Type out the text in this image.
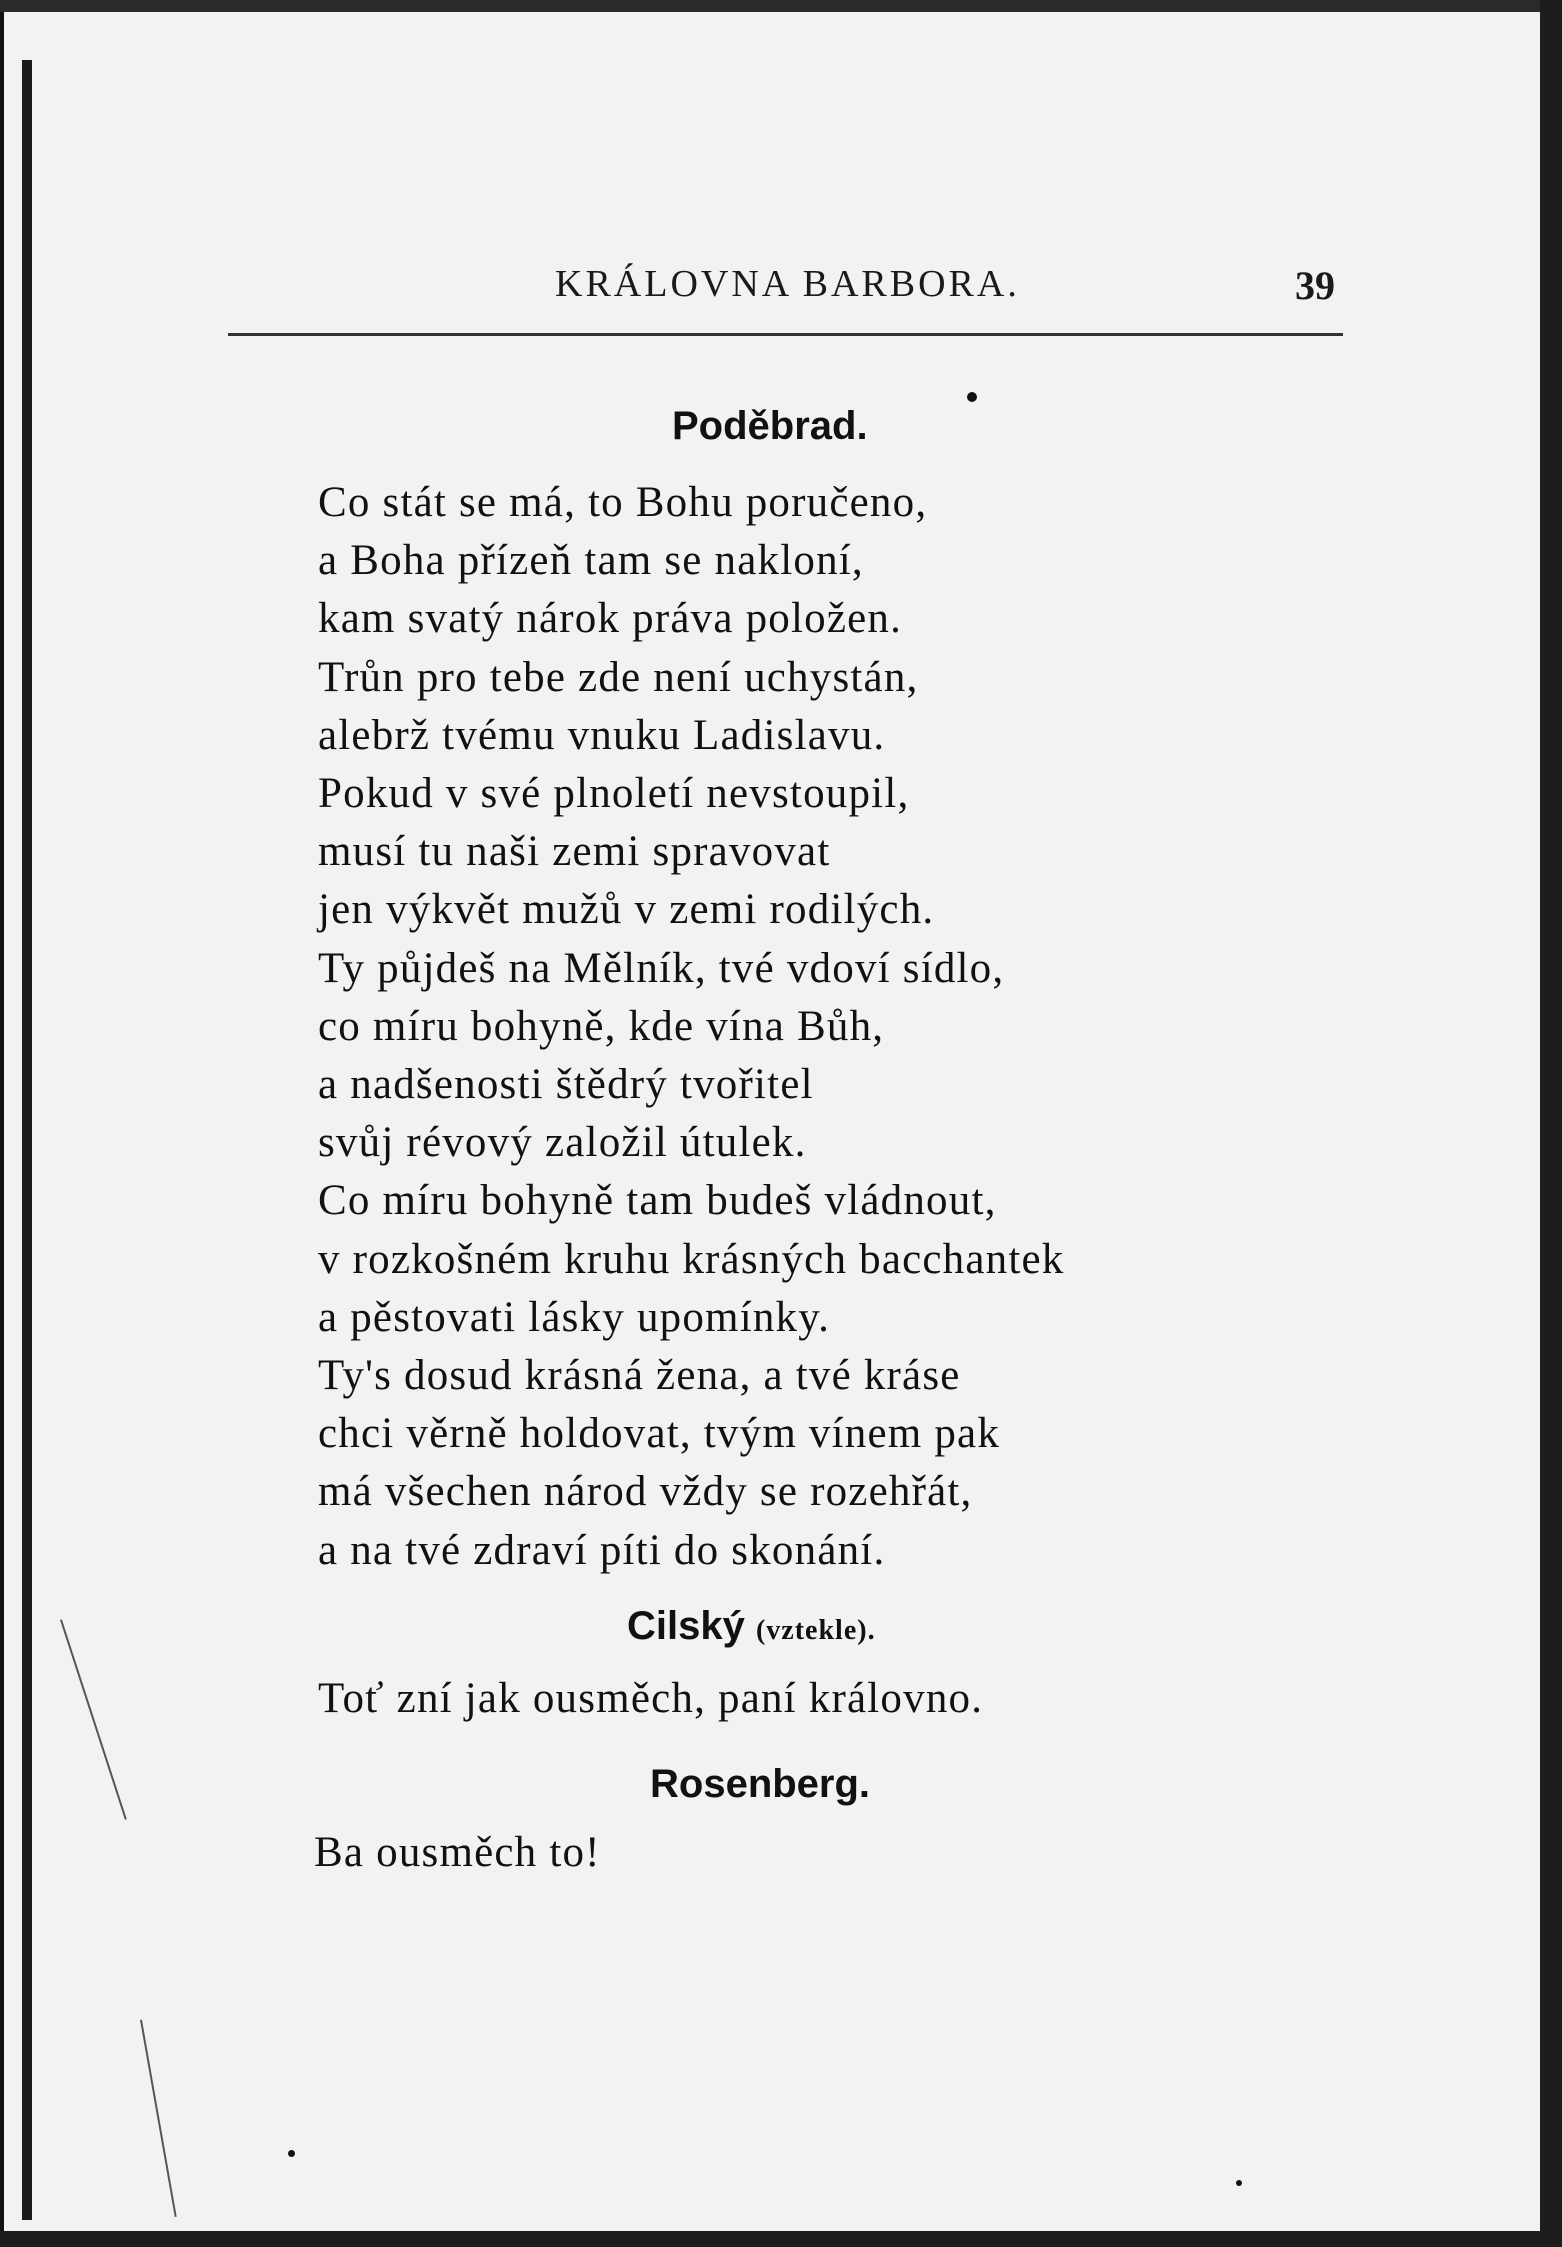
KRÁLOVNA BARBORA.	39
Poděbrad.
Co stát se má, to Bohu poručeno,
a Boha přízeň tam se nakloní,
kam svatý nárok práva položen.
Trůn pro tebe zde není uchystán,
alebrž tvému vnuku Ladislavu.
Pokud v své plnoletí nevstoupil,
musí tu naši zemi spravovat
jen výkvět mužů v zemi rodilých.
Ty půjdeš na Mělník, tvé vdoví sídlo,
co míru bohyně, kde vína Bůh,
a nadšenosti štědrý tvořitel
svůj révový založil útulek.
Co míru bohyně tam budeš vládnout,
v rozkošném kruhu krásných bacchantek
a pěstovati lásky upomínky.
Ty's dosud krásná žena, a tvé kráse
chci věrně holdovat, tvým vínem pak
má všechen národ vždy se rozehřát,
a na tvé zdraví píti do skonání.
Cilský (vztekle).
Toť zní jak ousměch, paní královno.
Rosenberg.
Ba ousměch to!
